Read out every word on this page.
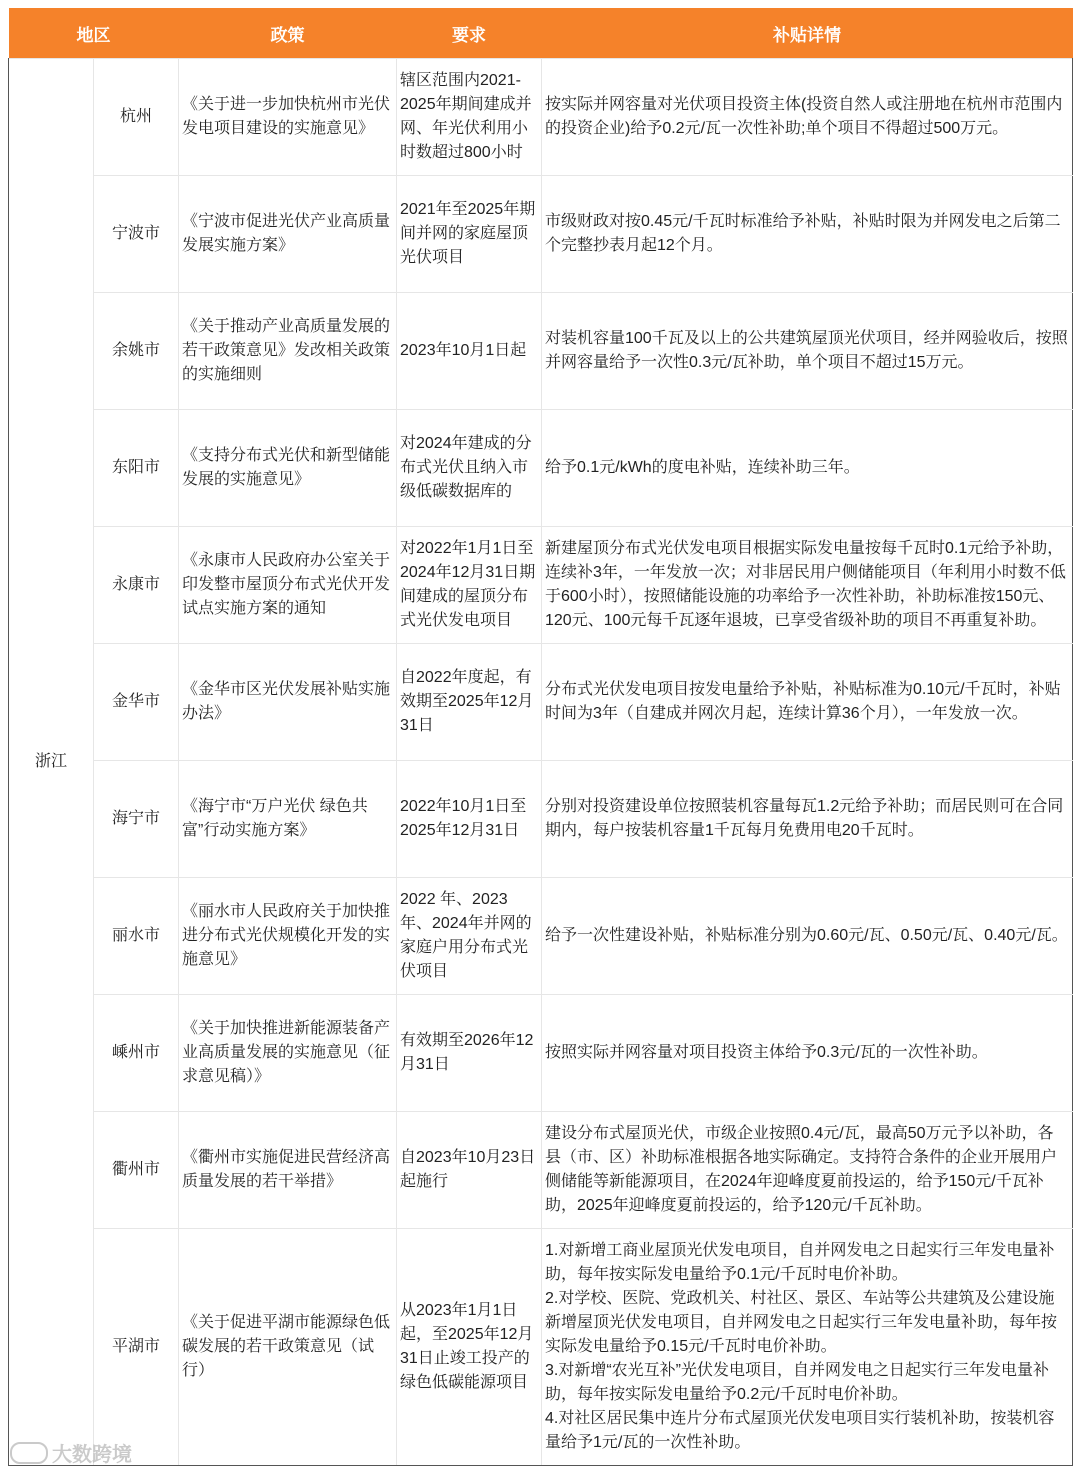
地区		政策	要求	补贴详情
浙江	杭州	《关于进一步加快杭州市光伏发电项目建设的实施意见》	辖区范围内2021-2025年期间建成并网、年光伏利用小时数超过800小时	按实际并网容量对光伏项目投资主体(投资自然人或注册地在杭州市范围内的投资企业)给予0.2元/瓦一次性补助;单个项目不得超过500万元。
	宁波市	《宁波市促进光伏产业高质量发展实施方案》	2021年至2025年期间并网的家庭屋顶光伏项目	市级财政对按0.45元/千瓦时标准给予补贴，补贴时限为并网发电之后第二个完整抄表月起12个月。
	余姚市	《关于推动产业高质量发展的若干政策意见》发改相关政策的实施细则	2023年10月1日起	对装机容量100千瓦及以上的公共建筑屋顶光伏项目，经并网验收后，按照并网容量给予一次性0.3元/瓦补助，单个项目不超过15万元。
	东阳市	《支持分布式光伏和新型储能发展的实施意见》	对2024年建成的分布式光伏且纳入市级低碳数据库的	给予0.1元/kWh的度电补贴，连续补助三年。
	永康市	《永康市人民政府办公室关于印发整市屋顶分布式光伏开发试点实施方案的通知	对2022年1月1日至2024年12月31日期间建成的屋顶分布式光伏发电项目	新建屋顶分布式光伏发电项目根据实际发电量按每千瓦时0.1元给予补助，连续补3年，一年发放一次；对非居民用户侧储能项目（年利用小时数不低于600小时），按照储能设施的功率给予一次性补助，补助标准按150元、120元、100元每千瓦逐年退坡，已享受省级补助的项目不再重复补助。
	金华市	《金华市区光伏发展补贴实施办法》	自2022年度起，有效期至2025年12月31日	分布式光伏发电项目按发电量给予补贴，补贴标准为0.10元/千瓦时，补贴时间为3年（自建成并网次月起，连续计算36个月），一年发放一次。
	海宁市	《海宁市“万户光伏 绿色共富”行动实施方案》	2022年10月1日至2025年12月31日	分别对投资建设单位按照装机容量每瓦1.2元给予补助；而居民则可在合同期内，每户按装机容量1千瓦每月免费用电20千瓦时。
	丽水市	《丽水市人民政府关于加快推进分布式光伏规模化开发的实施意见》	2022 年、2023 年、2024年并网的家庭户用分布式光伏项目	给予一次性建设补贴，补贴标准分别为0.60元/瓦、0.50元/瓦、0.40元/瓦。
	嵊州市	《关于加快推进新能源装备产业高质量发展的实施意见（征求意见稿）》	有效期至2026年12月31日	按照实际并网容量对项目投资主体给予0.3元/瓦的一次性补助。
	衢州市	《衢州市实施促进民营经济高质量发展的若干举措》	自2023年10月23日起施行	建设分布式屋顶光伏，市级企业按照0.4元/瓦，最高50万元予以补助，各县（市、区）补助标准根据各地实际确定。支持符合条件的企业开展用户侧储能等新能源项目，在2024年迎峰度夏前投运的，给予150元/千瓦补助，2025年迎峰度夏前投运的，给予120元/千瓦补助。
	平湖市	《关于促进平湖市能源绿色低碳发展的若干政策意见（试行）	从2023年1月1日起，至2025年12月31日止竣工投产的绿色低碳能源项目	1.对新增工商业屋顶光伏发电项目，自并网发电之日起实行三年发电量补助，每年按实际发电量给予0.1元/千瓦时电价补助。
2.对学校、医院、党政机关、村社区、景区、车站等公共建筑及公建设施新增屋顶光伏发电项目，自并网发电之日起实行三年发电量补助，每年按实际发电量给予0.15元/千瓦时电价补助。
3.对新增“农光互补”光伏发电项目，自并网发电之日起实行三年发电量补助，每年按实际发电量给予0.2元/千瓦时电价补助。
4.对社区居民集中连片分布式屋顶光伏发电项目实行装机补助，按装机容量给予1元/瓦的一次性补助。
大数跨境
